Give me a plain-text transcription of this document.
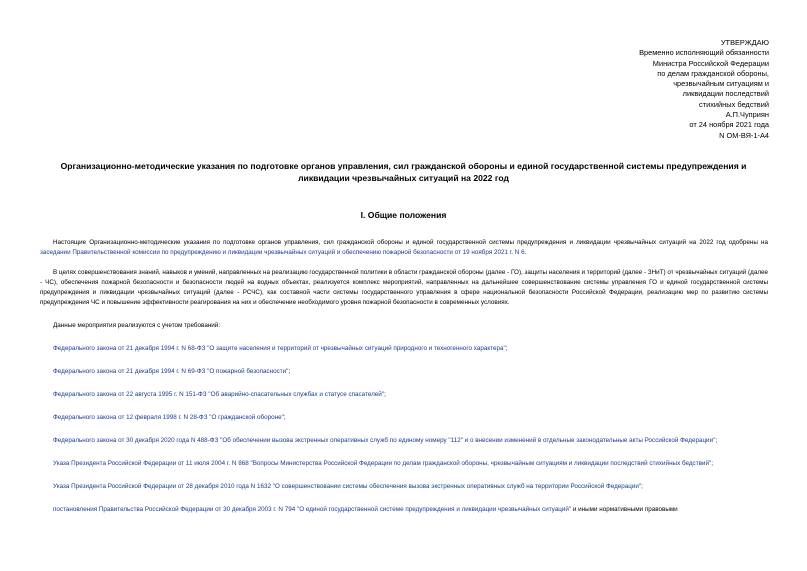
УТВЕРЖДАЮ
Временно исполняющий обязанности
Министра Российской Федерации
по делам гражданской обороны,
чрезвычайным ситуациям и
ликвидации последствий
стихийных бедствий
А.П.Чуприян
от 24 ноября 2021 года
N ОМ-ВЯ-1-А4
Организационно-методические указания по подготовке органов управления, сил гражданской обороны и единой государственной системы предупреждения и ликвидации чрезвычайных ситуаций на 2022 год
I. Общие положения

Настоящие Организационно-методические указания по подготовке органов управления, сил гражданской обороны и единой государственной системы предупреждения и ликвидации чрезвычайных ситуаций на 2022 год одобрены на заседании Правительственной комиссии по предупреждению и ликвидации чрезвычайных ситуаций и обеспечению пожарной безопасности от 19 ноября 2021 г. N 6.

В целях совершенствования знаний, навыков и умений, направленных на реализацию государственной политики в области гражданской обороны (далее - ГО), защиты населения и территорий (далее - ЗНиТ) от чрезвычайных ситуаций (далее - ЧС), обеспечения пожарной безопасности и безопасности людей на водных объектах, реализуется комплекс мероприятий, направленных на дальнейшее совершенствование системы управления ГО и единой государственной системы предупреждения и ликвидации чрезвычайных ситуаций (далее - РСЧС), как составной части системы государственного управления в сфере национальной безопасности Российской Федерации, реализацию мер по развитию системы предупреждения ЧС и повышение эффективности реагирования на них и обеспечение необходимого уровня пожарной безопасности в современных условиях.

Данные мероприятия реализуются с учетом требований:

Федерального закона от 21 декабря 1994 г. N 68-ФЗ "О защите населения и территорий от чрезвычайных ситуаций природного и техногенного характера";

Федерального закона от 21 декабря 1994 г. N 69-ФЗ "О пожарной безопасности";

Федерального закона от 22 августа 1995 г. N 151-ФЗ "Об аварийно-спасательных службах и статусе спасателей";

Федерального закона от 12 февраля 1998 г. N 28-ФЗ "О гражданской обороне";

Федерального закона от 30 декабря 2020 года N 488-ФЗ "Об обеспечении вызова экстренных оперативных служб по единому номеру "112" и о внесении изменений в отдельные законодательные акты Российской Федерации";

Указа Президента Российской Федерации от 11 июля 2004 г. N 868 "Вопросы Министерства Российской Федерации по делам гражданской обороны, чрезвычайным ситуациям и ликвидации последствий стихийных бедствий";

Указа Президента Российской Федерации от 28 декабря 2010 года N 1632 "О совершенствовании системы обеспечения вызова экстренных оперативных служб на территории Российской Федерации";

постановления Правительства Российской Федерации от 30 декабря 2003 г. N 794 "О единой государственной системе предупреждения и ликвидации чрезвычайных ситуаций" и иными нормативными правовыми
